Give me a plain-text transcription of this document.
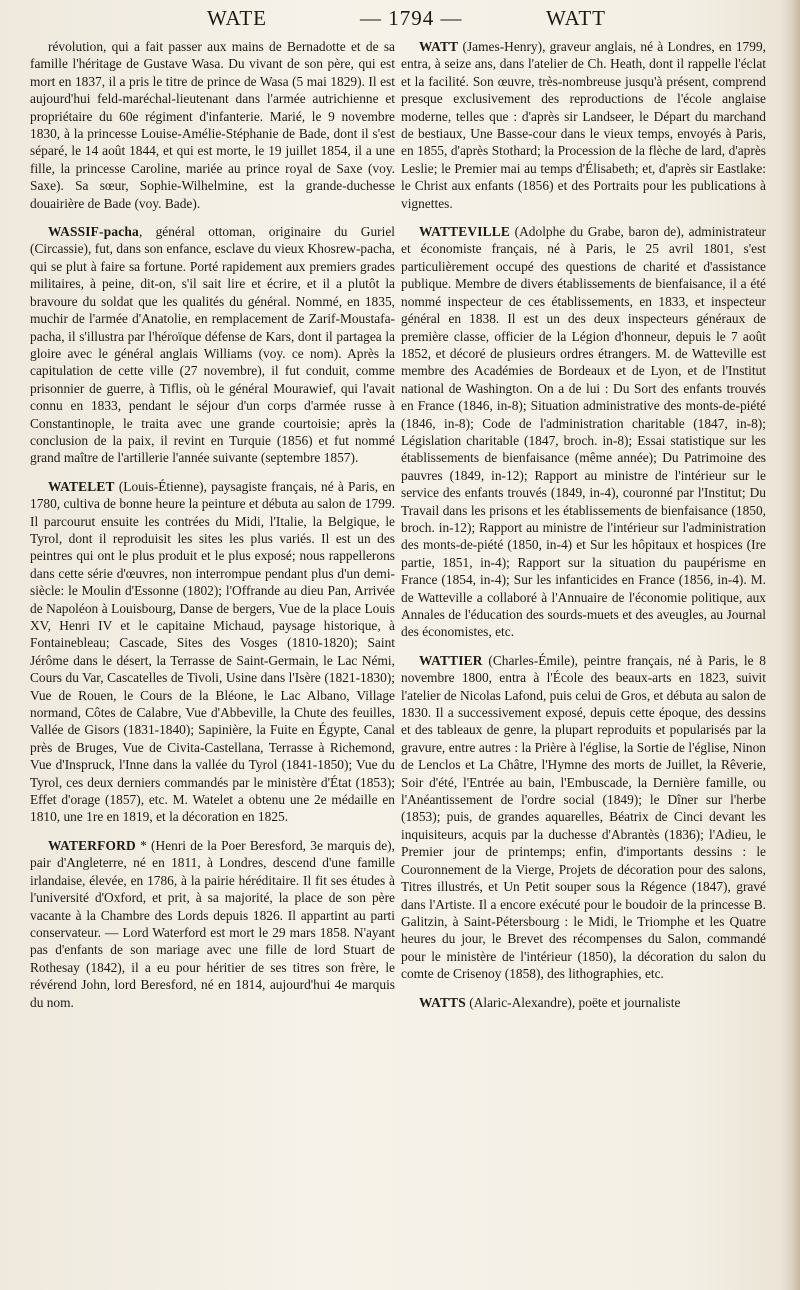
WATE	— 1794 —	WATT

révolution, qui a fait passer aux mains de Bernadotte et de sa famille l'héritage de Gustave Wasa. Du vivant de son père, qui est mort en 1837, il a pris le titre de prince de Wasa (5 mai 1829). Il est aujourd'hui feld-maréchal-lieutenant dans l'armée autrichienne et propriétaire du 60e régiment d'infanterie. Marié, le 9 novembre 1830, à la princesse Louise-Amélie-Stéphanie de Bade, dont il s'est séparé, le 14 août 1844, et qui est morte, le 19 juillet 1854, il a une fille, la princesse Caroline, mariée au prince royal de Saxe (voy. Saxe). Sa sœur, Sophie-Wilhelmine, est la grande-duchesse douairière de Bade (voy. Bade).

WASSIF-pacha, général ottoman, originaire du Guriel (Circassie), fut, dans son enfance, esclave du vieux Khosrew-pacha, qui se plut à faire sa fortune. Porté rapidement aux premiers grades militaires, à peine, dit-on, s'il sait lire et écrire, et il a plutôt la bravoure du soldat que les qualités du général. Nommé, en 1835, muchir de l'armée d'Anatolie, en remplacement de Zarif-Moustafa-pacha, il s'illustra par l'héroïque défense de Kars, dont il partagea la gloire avec le général anglais Williams (voy. ce nom). Après la capitulation de cette ville (27 novembre), il fut conduit, comme prisonnier de guerre, à Tiflis, où le général Mourawief, qui l'avait connu en 1833, pendant le séjour d'un corps d'armée russe à Constantinople, le traita avec une grande courtoisie; après la conclusion de la paix, il revint en Turquie (1856) et fut nommé grand maître de l'artillerie l'année suivante (septembre 1857).

WATELET (Louis-Étienne), paysagiste français, né à Paris, en 1780, cultiva de bonne heure la peinture et débuta au salon de 1799. Il parcourut ensuite les contrées du Midi, l'Italie, la Belgique, le Tyrol, dont il reproduisit les sites les plus variés. Il est un des peintres qui ont le plus produit et le plus exposé; nous rappellerons dans cette série d'œuvres, non interrompue pendant plus d'un demi-siècle: le Moulin d'Essonne (1802); l'Offrande au dieu Pan, Arrivée de Napoléon à Louisbourg, Danse de bergers, Vue de la place Louis XV, Henri IV et le capitaine Michaud, paysage historique, à Fontainebleau; Cascade, Sites des Vosges (1810-1820); Saint Jérôme dans le désert, la Terrasse de Saint-Germain, le Lac Némi, Cours du Var, Cascatelles de Tivoli, Usine dans l'Isère (1821-1830); Vue de Rouen, le Cours de la Bléone, le Lac Albano, Village normand, Côtes de Calabre, Vue d'Abbeville, la Chute des feuilles, Vallée de Gisors (1831-1840); Sapinière, la Fuite en Égypte, Canal près de Bruges, Vue de Civita-Castellana, Terrasse à Richemond, Vue d'Inspruck, l'Inne dans la vallée du Tyrol (1841-1850); Vue du Tyrol, ces deux derniers commandés par le ministère d'État (1853); Effet d'orage (1857), etc. M. Watelet a obtenu une 2e médaille en 1810, une 1re en 1819, et la décoration en 1825.

WATERFORD * (Henri de la Poer Beresford, 3e marquis de), pair d'Angleterre, né en 1811, à Londres, descend d'une famille irlandaise, élevée, en 1786, à la pairie héréditaire. Il fit ses études à l'université d'Oxford, et prit, à sa majorité, la place de son père vacante à la Chambre des Lords depuis 1826. Il appartint au parti conservateur. — Lord Waterford est mort le 29 mars 1858. N'ayant pas d'enfants de son mariage avec une fille de lord Stuart de Rothesay (1842), il a eu pour héritier de ses titres son frère, le révérend John, lord Beresford, né en 1814, aujourd'hui 4e marquis du nom.

WATT (James-Henry), graveur anglais, né à Londres, en 1799, entra, à seize ans, dans l'atelier de Ch. Heath, dont il rappelle l'éclat et la facilité. Son œuvre, très-nombreuse jusqu'à présent, comprend presque exclusivement des reproductions de l'école anglaise moderne, telles que : d'après sir Landseer, le Départ du marchand de bestiaux, Une Basse-cour dans le vieux temps, envoyés à Paris, en 1855, d'après Stothard; la Procession de la flèche de lard, d'après Leslie; le Premier mai au temps d'Élisabeth; et, d'après sir Eastlake: le Christ aux enfants (1856) et des Portraits pour les publications à vignettes.

WATTEVILLE (Adolphe du Grabe, baron de), administrateur et économiste français, né à Paris, le 25 avril 1801, s'est particulièrement occupé des questions de charité et d'assistance publique. Membre de divers établissements de bienfaisance, il a été nommé inspecteur de ces établissements, en 1833, et inspecteur général en 1838. Il est un des deux inspecteurs généraux de première classe, officier de la Légion d'honneur, depuis le 7 août 1852, et décoré de plusieurs ordres étrangers. M. de Watteville est membre des Académies de Bordeaux et de Lyon, et de l'Institut national de Washington. On a de lui : Du Sort des enfants trouvés en France (1846, in-8); Situation administrative des monts-de-piété (1846, in-8); Code de l'administration charitable (1847, in-8); Législation charitable (1847, broch. in-8); Essai statistique sur les établissements de bienfaisance (même année); Du Patrimoine des pauvres (1849, in-12); Rapport au ministre de l'intérieur sur le service des enfants trouvés (1849, in-4), couronné par l'Institut; Du Travail dans les prisons et les établissements de bienfaisance (1850, broch. in-12); Rapport au ministre de l'intérieur sur l'administration des monts-de-piété (1850, in-4) et Sur les hôpitaux et hospices (Ire partie, 1851, in-4); Rapport sur la situation du paupérisme en France (1854, in-4); Sur les infanticides en France (1856, in-4). M. de Watteville a collaboré à l'Annuaire de l'économie politique, aux Annales de l'éducation des sourds-muets et des aveugles, au Journal des économistes, etc.

WATTIER (Charles-Émile), peintre français, né à Paris, le 8 novembre 1800, entra à l'École des beaux-arts en 1823, suivit l'atelier de Nicolas Lafond, puis celui de Gros, et débuta au salon de 1830. Il a successivement exposé, depuis cette époque, des dessins et des tableaux de genre, la plupart reproduits et popularisés par la gravure, entre autres : la Prière à l'église, la Sortie de l'église, Ninon de Lenclos et La Châtre, l'Hymne des morts de Juillet, la Rêverie, Soir d'été, l'Entrée au bain, l'Embuscade, la Dernière famille, ou l'Anéantissement de l'ordre social (1849); le Dîner sur l'herbe (1853); puis, de grandes aquarelles, Béatrix de Cinci devant les inquisiteurs, acquis par la duchesse d'Abrantès (1836); l'Adieu, le Premier jour de printemps; enfin, d'importants dessins : le Couronnement de la Vierge, Projets de décoration pour des salons, Titres illustrés, et Un Petit souper sous la Régence (1847), gravé dans l'Artiste. Il a encore exécuté pour le boudoir de la princesse B. Galitzin, à Saint-Pétersbourg : le Midi, le Triomphe et les Quatre heures du jour, le Brevet des récompenses du Salon, commandé pour le ministère de l'intérieur (1850), la décoration du salon du comte de Crisenoy (1858), des lithographies, etc.

WATTS (Alaric-Alexandre), poëte et journaliste
